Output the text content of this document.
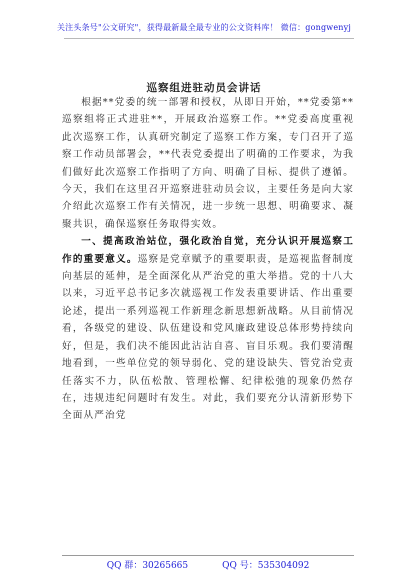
关注头条号"公文研究"，获得最新最全最专业的公文资料库！ 微信：gongwenyj
巡察组进驻动员会讲话

根据**党委的统一部署和授权，从即日开始，**党委第**巡察组将正式进驻**，开展政治巡察工作。**党委高度重视此次巡察工作，认真研究制定了巡察工作方案，专门召开了巡察工作动员部署会，**代表党委提出了明确的工作要求，为我们做好此次巡察工作指明了方向、明确了目标、提供了遵循。今天，我们在这里召开巡察进驻动员会议，主要任务是向大家介绍此次巡察工作有关情况，进一步统一思想、明确要求、凝聚共识，确保巡察任务取得实效。

一、提高政治站位，强化政治自觉，充分认识开展巡察工作的重要意义。巡察是党章赋予的重要职责，是巡视监督制度向基层的延伸，是全面深化从严治党的重大举措。党的十八大以来，习近平总书记多次就巡视工作发表重要讲话、作出重要论述，提出一系列巡视工作新理念新思想新战略。从目前情况看，各级党的建设、队伍建设和党风廉政建设总体形势持续向好，但是，我们决不能因此沾沾自喜、盲目乐观。我们要清醒地看到，一些单位党的领导弱化、党的建设缺失、管党治党责任落实不力，队伍松散、管理松懈、纪律松弛的现象仍然存在，违规违纪问题时有发生。对此，我们要充分认清新形势下全面从严治党

QQ 群：30265665	QQ 号：535304092
